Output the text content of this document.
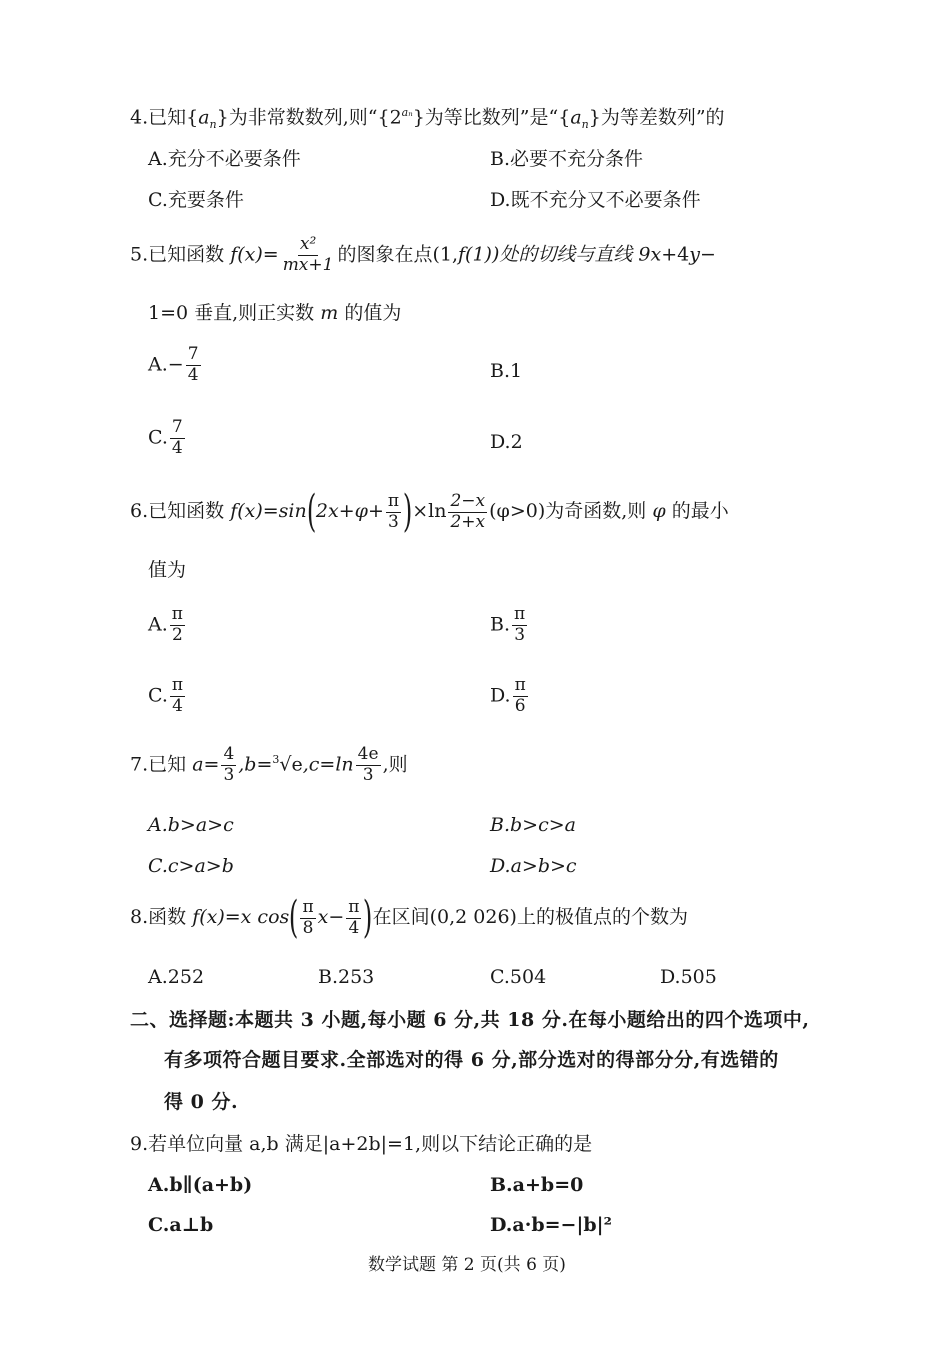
4.已知$\{a_n\}$为非常数数列,则“$\{2^{a_n}\}$为等比数列”是“$\{a_n\}$为等差数列”的
A.充分不必要条件	B.必要不充分条件
C.充要条件	D.既不充分又不必要条件
5.已知函数 $f(x)= \frac{\text{x²}}{mx+1}$ 的图象在点(1,f(1))处的切线与直线 9x+4y−
1=0 垂直,则正实数 m 的值为
$A.- \frac{7}{4}$	B.1
C. $\frac{7}{4}$	D.2
6.已知函数 $f(x)=\sin(2x+\varphi+ \frac{\pi}{3} )\times\ln \frac{2-x}{2+x} (\varphi>0)$为奇函数,则 φ 的最小
值为
A. $\frac{\pi}{2}$	B. $\frac{\pi}{3}$
C. $\frac{\pi}{4}$	D. $\frac{\pi}{6}$
7.已知 $a= \frac{4}{3} ,b=^3√e,c=\ln \frac{4e}{3}$ ,则
A.b>a>c	B.b>c>a
C.c>a>b	D.a>b>c
8.函数 f(x)=x $\cos( \frac{\pi}{8} x- \frac{\pi}{4}$ )在区间(0,2 026)上的极值点的个数为
A.252	B.253	C.504	D.505
二、选择题:本题共 3 小题,每小题 6 分,共 18 分.在每小题给出的四个选项中,
有多项符合题目要求.全部选对的得 6 分,部分选对的得部分分,有选错的
得 0 分.
9.若单位向量 a,b 满足|a+2b|=1,则以下结论正确的是
A.b∥(a+b)	B.a+b=0
C.a⊥b	D.a·b=−|b|²
数学试题 第 2 页(共 6 页)
